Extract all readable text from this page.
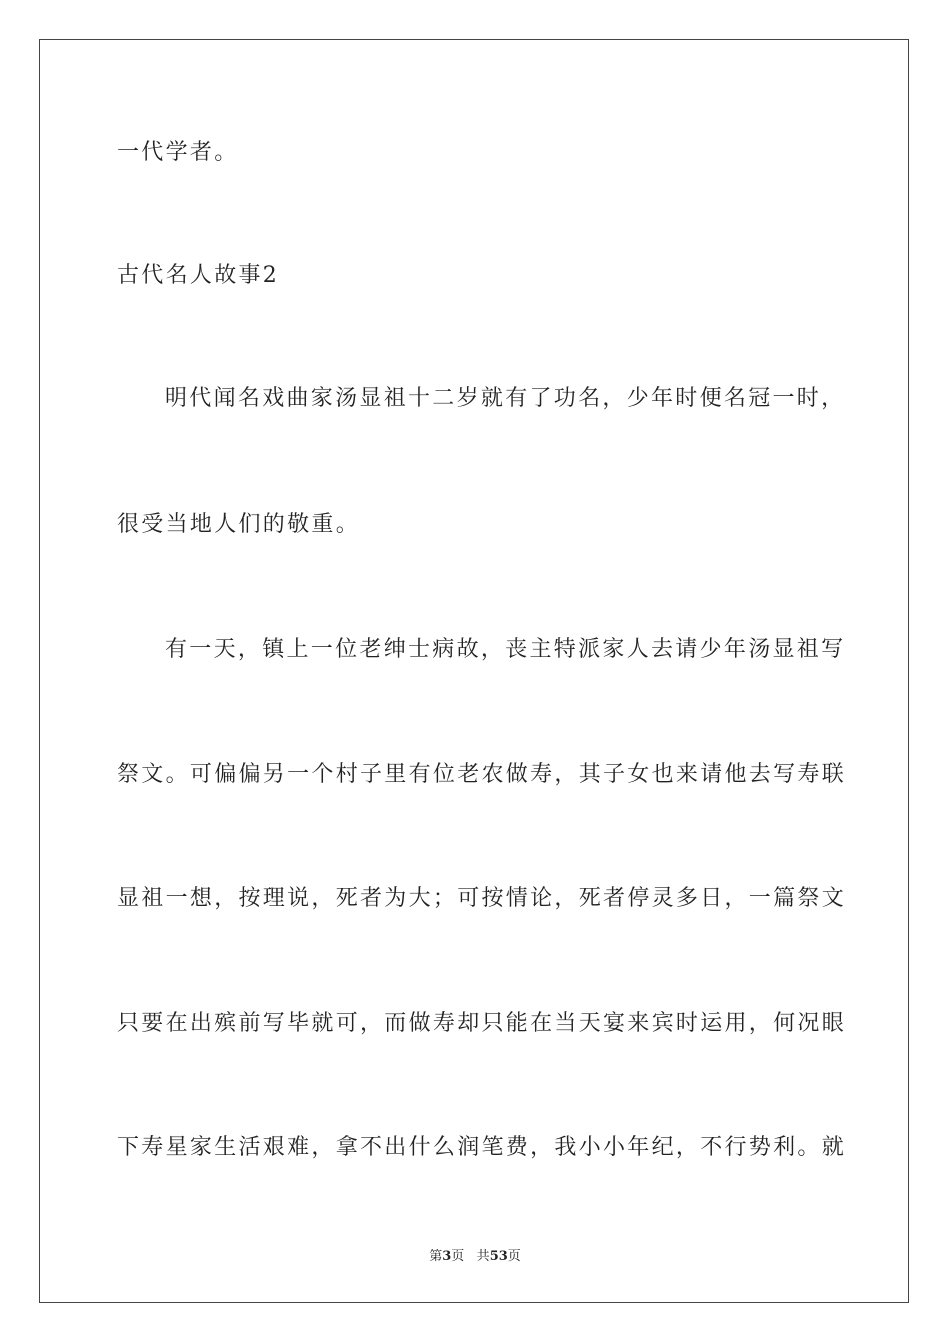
一代学者。
古代名人故事2
明代闻名戏曲家汤显祖十二岁就有了功名，少年时便名冠一时，
很受当地人们的敬重。
有一天，镇上一位老绅士病故，丧主特派家人去请少年汤显祖写
祭文。可偏偏另一个村子里有位老农做寿，其子女也来请他去写寿联
显祖一想，按理说，死者为大；可按情论，死者停灵多日，一篇祭文
只要在出殡前写毕就可，而做寿却只能在当天宴来宾时运用，何况眼
下寿星家生活艰难，拿不出什么润笔费，我小小年纪，不行势利。就
第3页 共53页
